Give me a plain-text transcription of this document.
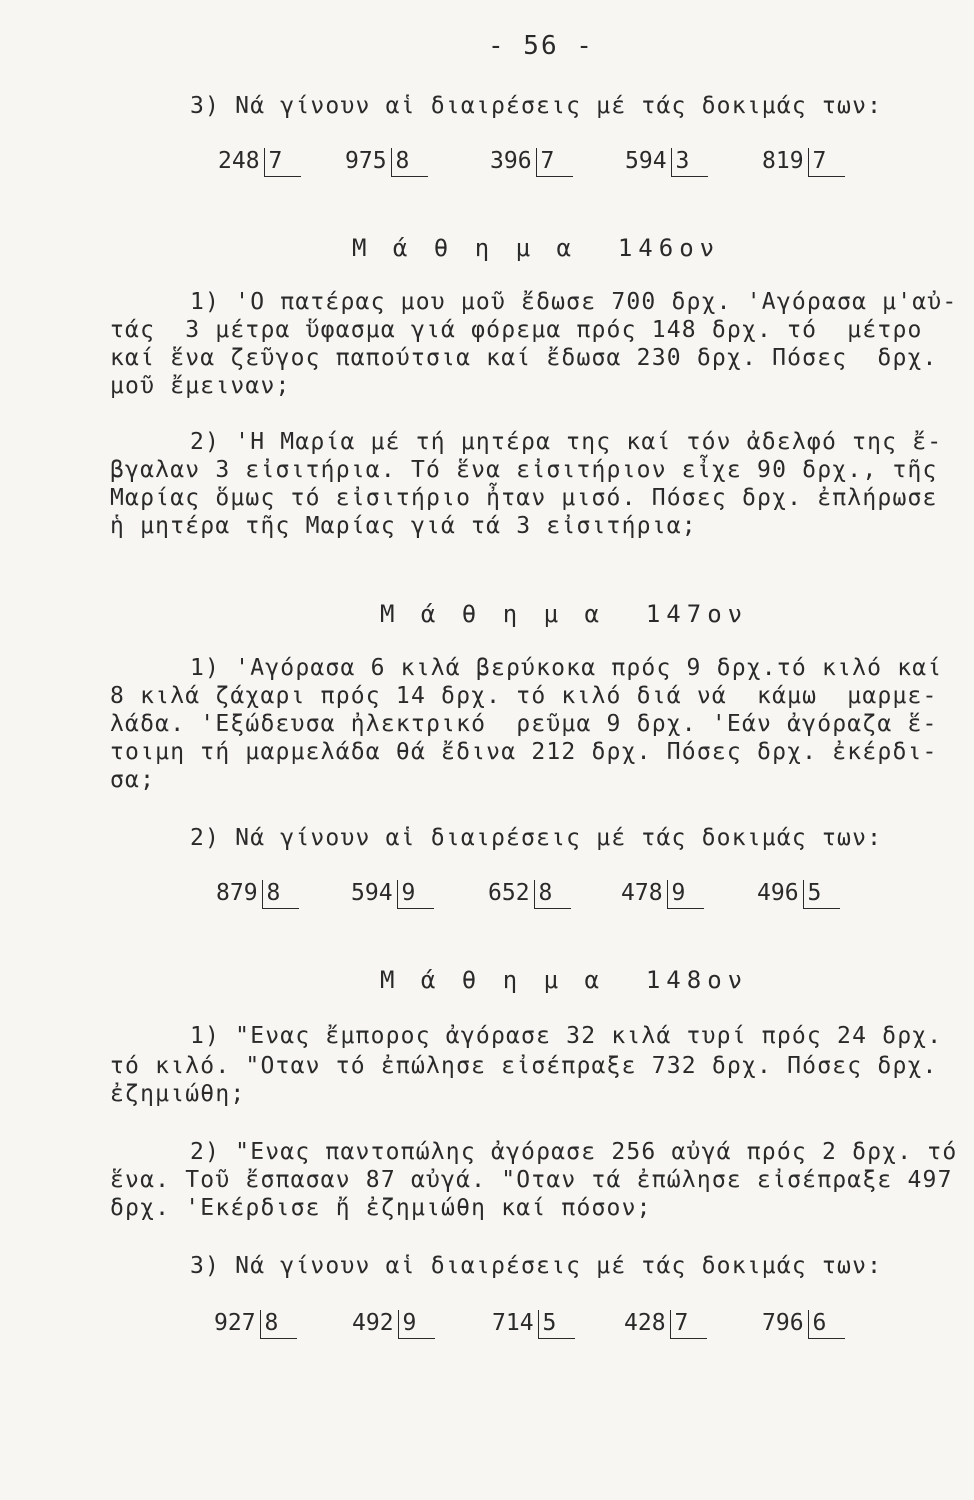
- 56 -
3) Νά γίνουν αἱ διαιρέσεις μέ τάς δοκιμάς των:
248 7	975 8	396 7	594 3	819 7
Μ ά θ η μ α  146ον
1) 'Ο πατέρας μου μοῦ ἔδωσε 700 δρχ. 'Αγόρασα μ'αὐ-
τάς  3 μέτρα ὕφασμα γιά φόρεμα πρός 148 δρχ. τό  μέτρο
καί ἕνα ζεῦγος παπούτσια καί ἔδωσα 230 δρχ. Πόσες  δρχ.
μοῦ ἔμειναν;
2) 'Η Μαρία μέ τή μητέρα της καί τόν ἀδελφό της ἔ-
βγαλαν 3 εἰσιτήρια. Τό ἕνα εἰσιτήριον εἶχε 90 δρχ., τῆς
Μαρίας ὅμως τό εἰσιτήριο ἦταν μισό. Πόσες δρχ. ἐπλήρωσε
ἡ μητέρα τῆς Μαρίας γιά τά 3 εἰσιτήρια;
Μ ά θ η μ α  147ον
1) 'Αγόρασα 6 κιλά βερύκοκα πρός 9 δρχ.τό κιλό καί
8 κιλά ζάχαρι πρός 14 δρχ. τό κιλό διά νά  κάμω  μαρμε-
λάδα. 'Εξώδευσα ἠλεκτρικό  ρεῦμα 9 δρχ. 'Εάν ἀγόραζα ἕ-
τοιμη τή μαρμελάδα θά ἔδινα 212 δρχ. Πόσες δρχ. ἐκέρδι-
σα;
2) Νά γίνουν αἱ διαιρέσεις μέ τάς δοκιμάς των:
879 8	594 9	652 8	478 9	496 5
Μ ά θ η μ α  148ον
1) "Ενας ἔμπορος ἀγόρασε 32 κιλά τυρί πρός 24 δρχ.
τό κιλό. "Οταν τό ἐπώλησε εἰσέπραξε 732 δρχ. Πόσες δρχ.
ἐζημιώθη;
2) "Ενας παντοπώλης ἀγόρασε 256 αὐγά πρός 2 δρχ. τό
ἕνα. Τοῦ ἔσπασαν 87 αὐγά. "Οταν τά ἐπώλησε εἰσέπραξε 497
δρχ. 'Εκέρδισε ἤ ἐζημιώθη καί πόσον;
3) Νά γίνουν αἱ διαιρέσεις μέ τάς δοκιμάς των:
927 8	492 9	714 5	428 7	796 6
